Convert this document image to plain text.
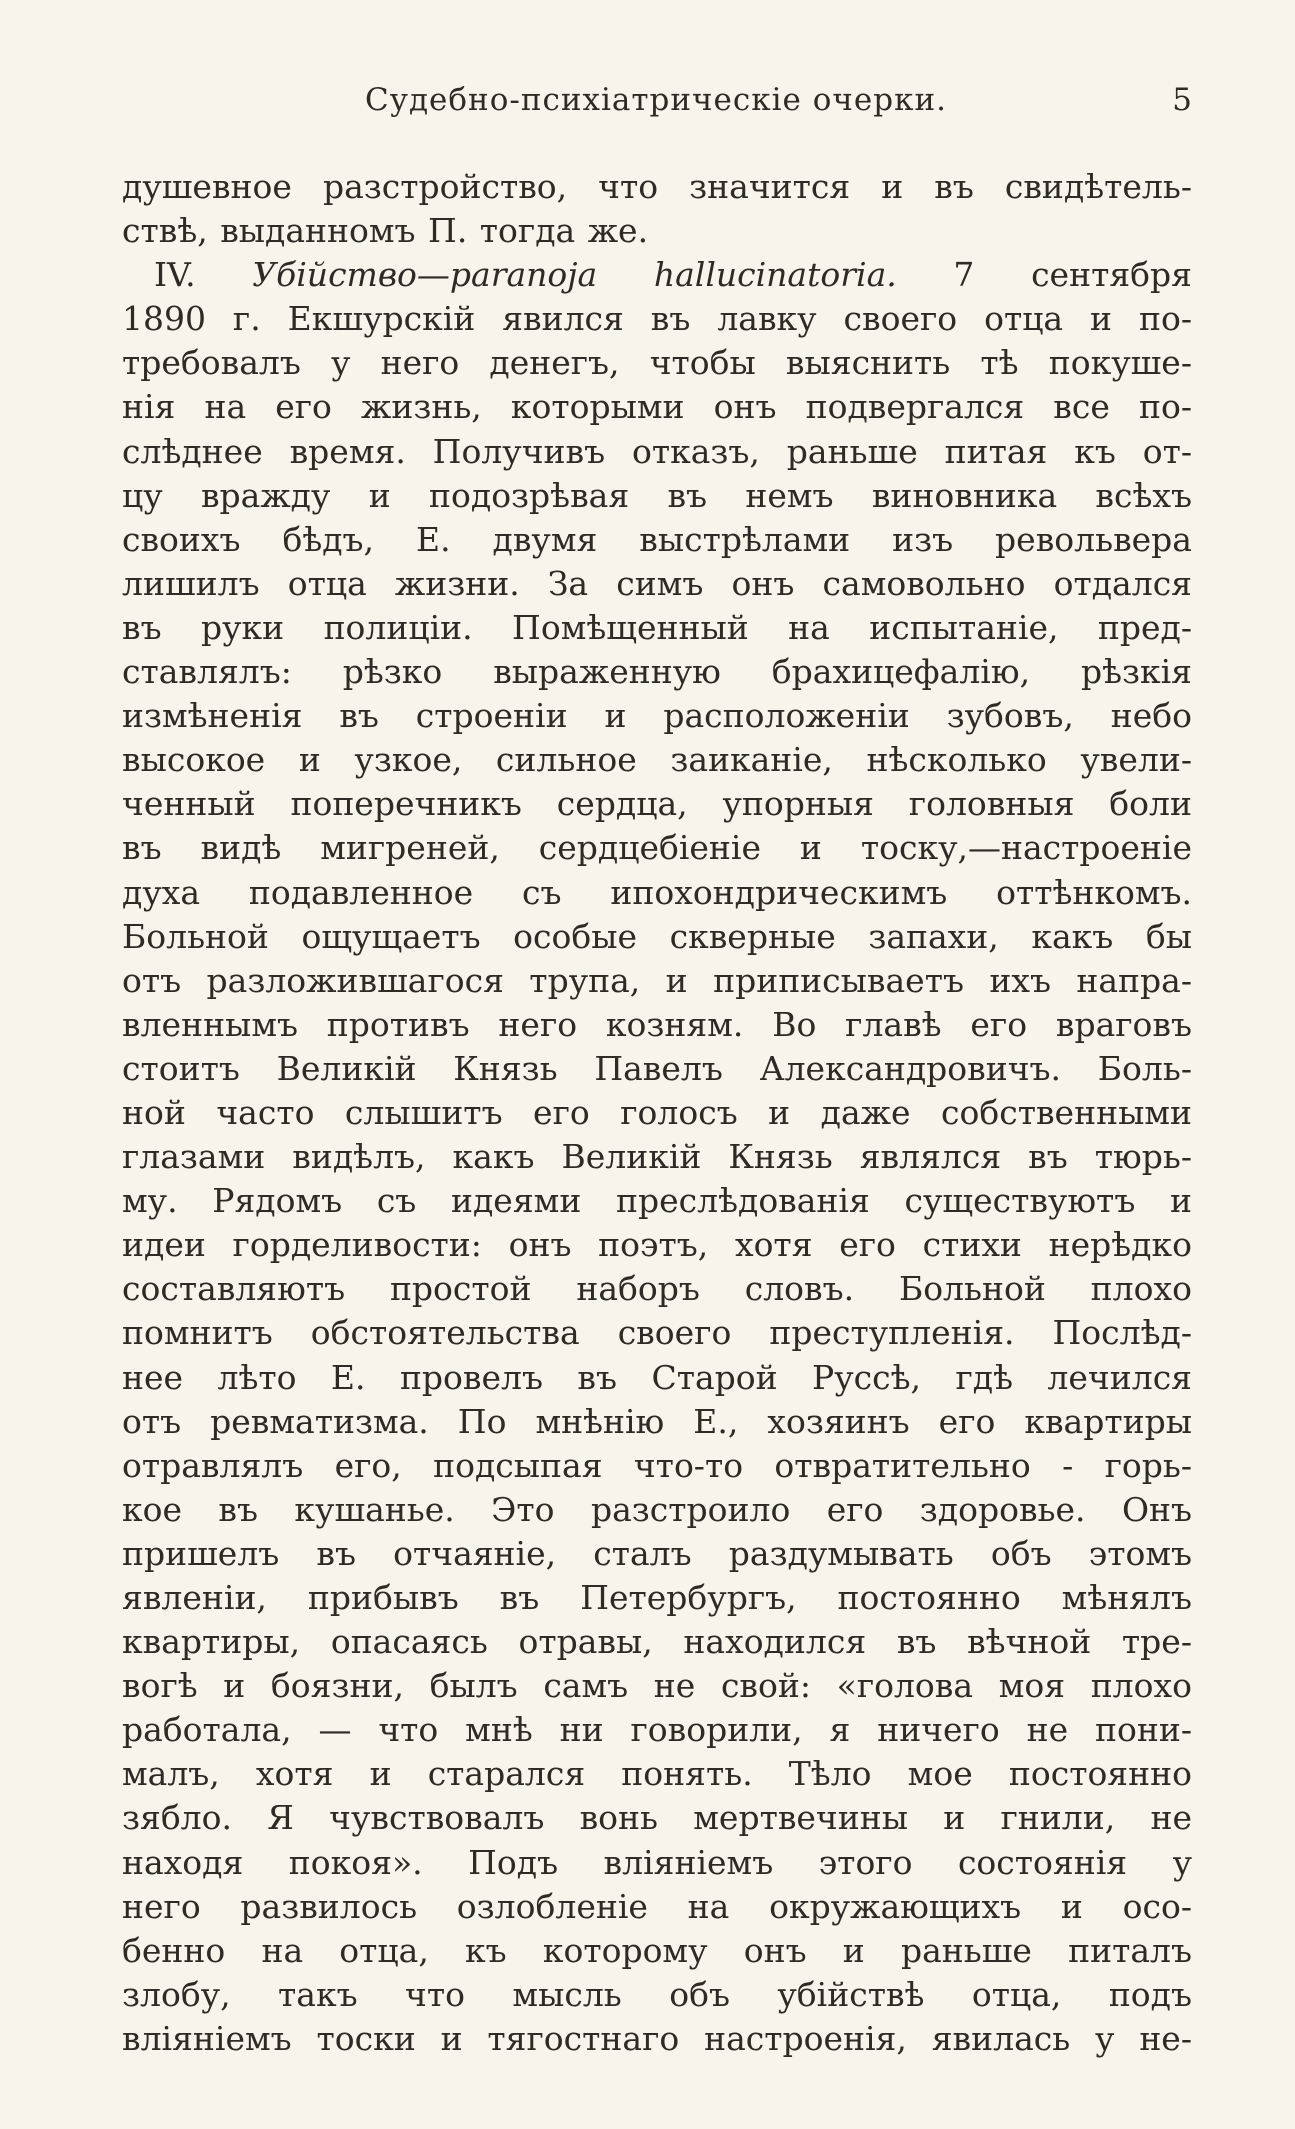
Судебно-психіатрическіе очерки.	5
душевное разстройство, что значится и въ свидѣтель-
ствѣ, выданномъ П. тогда же.
IV. Убійство—paranoja hallucinatoria. 7 сентября
1890 г. Екшурскій явился въ лавку своего отца и по-
требовалъ у него денегъ, чтобы выяснить тѣ покуше-
нія на его жизнь, которыми онъ подвергался все по-
слѣднее время. Получивъ отказъ, раньше питая къ от-
цу вражду и подозрѣвая въ немъ виновника всѣхъ
своихъ бѣдъ, Е. двумя выстрѣлами изъ револьвера
лишилъ отца жизни. За симъ онъ самовольно отдался
въ руки полиціи. Помѣщенный на испытаніе, пред-
ставлялъ: рѣзко выраженную брахицефалію, рѣзкія
измѣненія въ строеніи и расположеніи зубовъ, небо
высокое и узкое, сильное заиканіе, нѣсколько увели-
ченный поперечникъ сердца, упорныя головныя боли
въ видѣ мигреней, сердцебіеніе и тоску,—настроеніе
духа подавленное съ ипохондрическимъ оттѣнкомъ.
Больной ощущаетъ особые скверные запахи, какъ бы
отъ разложившагося трупа, и приписываетъ ихъ напра-
вленнымъ противъ него козням. Во главѣ его враговъ
стоитъ Великій Князь Павелъ Александровичъ. Боль-
ной часто слышитъ его голосъ и даже собственными
глазами видѣлъ, какъ Великій Князь являлся въ тюрь-
му. Рядомъ съ идеями преслѣдованія существуютъ и
идеи горделивости: онъ поэтъ, хотя его стихи нерѣдко
составляютъ простой наборъ словъ. Больной плохо
помнитъ обстоятельства своего преступленія. Послѣд-
нее лѣто Е. провелъ въ Старой Руссѣ, гдѣ лечился
отъ ревматизма. По мнѣнію Е., хозяинъ его квартиры
отравлялъ его, подсыпая что-то отвратительно - горь-
кое въ кушанье. Это разстроило его здоровье. Онъ
пришелъ въ отчаяніе, сталъ раздумывать объ этомъ
явленіи, прибывъ въ Петербургъ, постоянно мѣнялъ
квартиры, опасаясь отравы, находился въ вѣчной тре-
вогѣ и боязни, былъ самъ не свой: «голова моя плохо
работала, — что мнѣ ни говорили, я ничего не пони-
малъ, хотя и старался понять. Тѣло мое постоянно
зябло. Я чувствовалъ вонь мертвечины и гнили, не
находя покоя». Подъ вліяніемъ этого состоянія у
него развилось озлобленіе на окружающихъ и осо-
бенно на отца, къ которому онъ и раньше питалъ
злобу, такъ что мысль объ убійствѣ отца, подъ
вліяніемъ тоски и тягостнаго настроенія, явилась у не-
